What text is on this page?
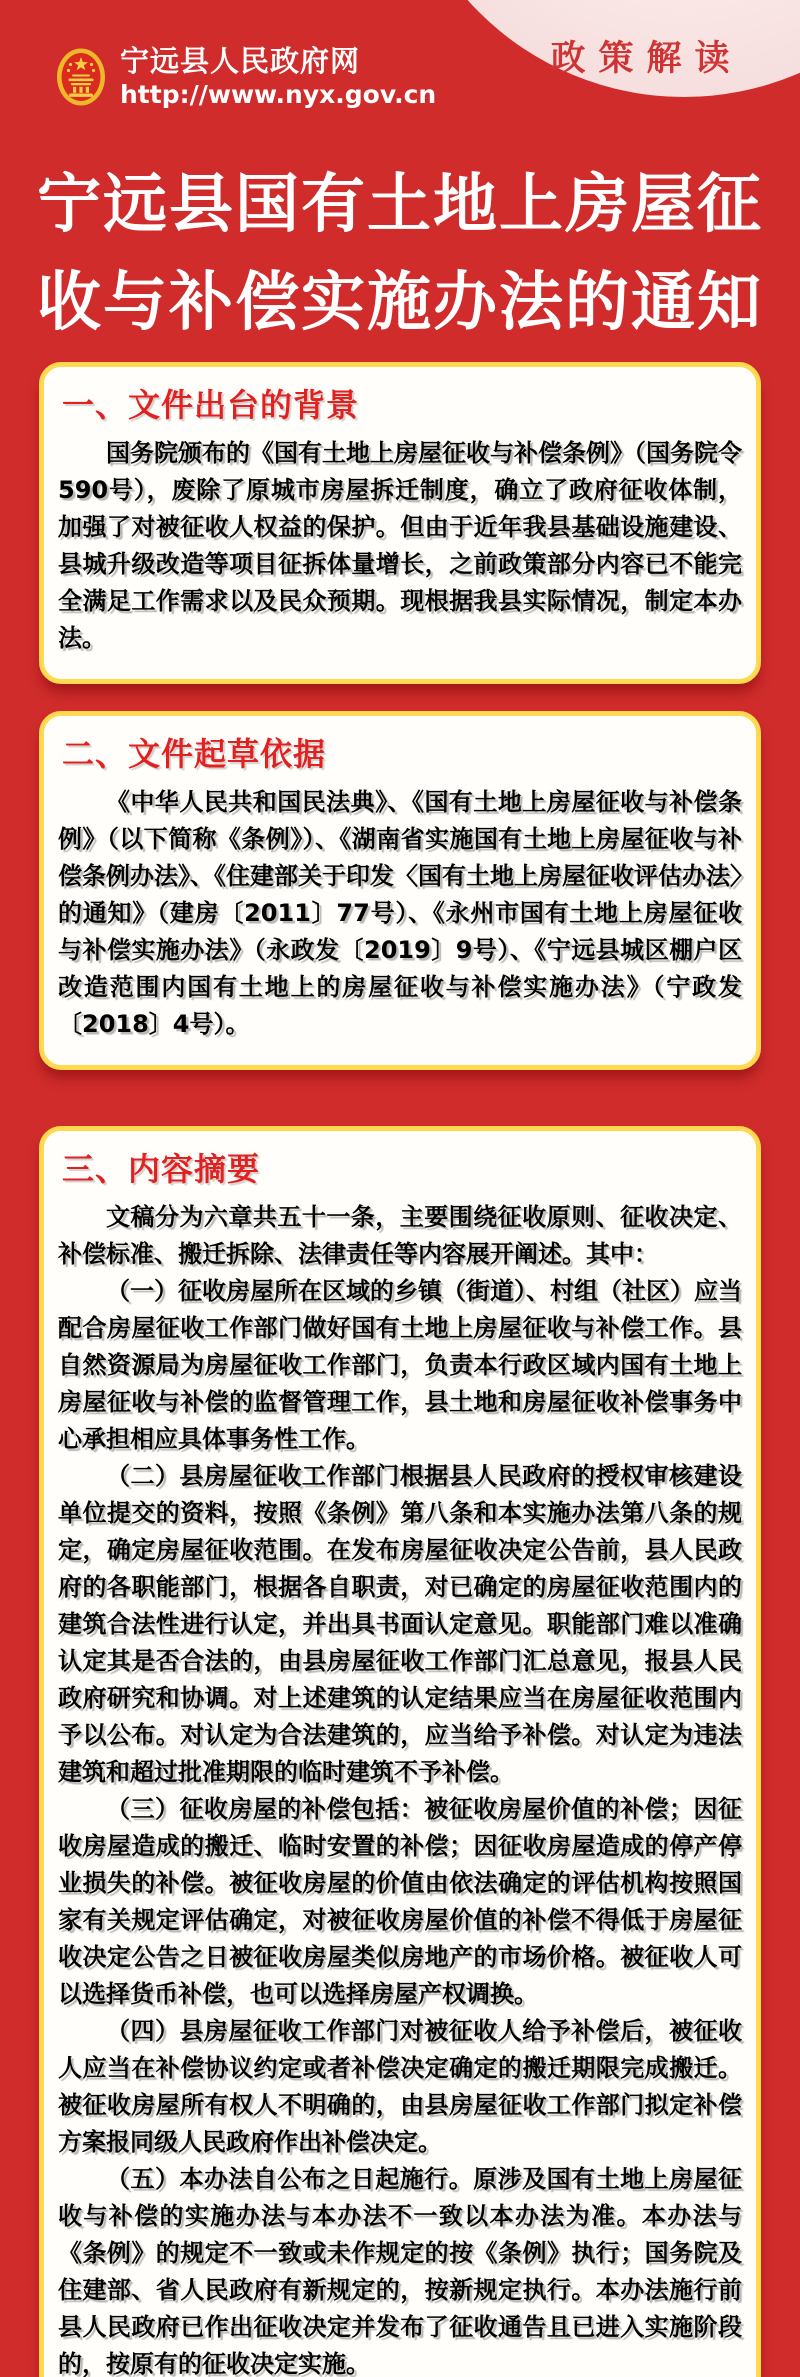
政策解读
宁远县人民政府网
http://www.nyx.gov.cn
宁远县国有土地上房屋征
收与补偿实施办法的通知
一、文件出台的背景

国务院颁布的《国有土地上房屋征收与补偿条例》（国务院令590号），废除了原城市房屋拆迁制度，确立了政府征收体制，加强了对被征收人权益的保护。但由于近年我县基础设施建设、县城升级改造等项目征拆体量增长，之前政策部分内容已不能完全满足工作需求以及民众预期。现根据我县实际情况，制定本办法。

二、文件起草依据

《中华人民共和国民法典》、《国有土地上房屋征收与补偿条例》（以下简称《条例》）、《湖南省实施国有土地上房屋征收与补偿条例办法》、《住建部关于印发〈国有土地上房屋征收评估办法〉的通知》（建房〔2011〕77号）、《永州市国有土地上房屋征收与补偿实施办法》（永政发〔2019〕9号）、《宁远县城区棚户区改造范围内国有土地上的房屋征收与补偿实施办法》（宁政发〔2018〕4号）。

三、内容摘要

文稿分为六章共五十一条，主要围绕征收原则、征收决定、补偿标准、搬迁拆除、法律责任等内容展开阐述。其中：

（一）征收房屋所在区域的乡镇（街道）、村组（社区）应当配合房屋征收工作部门做好国有土地上房屋征收与补偿工作。县自然资源局为房屋征收工作部门，负责本行政区域内国有土地上房屋征收与补偿的监督管理工作，县土地和房屋征收补偿事务中心承担相应具体事务性工作。

（二）县房屋征收工作部门根据县人民政府的授权审核建设单位提交的资料，按照《条例》第八条和本实施办法第八条的规定，确定房屋征收范围。在发布房屋征收决定公告前，县人民政府的各职能部门，根据各自职责，对已确定的房屋征收范围内的建筑合法性进行认定，并出具书面认定意见。职能部门难以准确认定其是否合法的，由县房屋征收工作部门汇总意见，报县人民政府研究和协调。对上述建筑的认定结果应当在房屋征收范围内予以公布。对认定为合法建筑的，应当给予补偿。对认定为违法建筑和超过批准期限的临时建筑不予补偿。

（三）征收房屋的补偿包括：被征收房屋价值的补偿；因征收房屋造成的搬迁、临时安置的补偿；因征收房屋造成的停产停业损失的补偿。被征收房屋的价值由依法确定的评估机构按照国家有关规定评估确定，对被征收房屋价值的补偿不得低于房屋征收决定公告之日被征收房屋类似房地产的市场价格。被征收人可以选择货币补偿，也可以选择房屋产权调换。

（四）县房屋征收工作部门对被征收人给予补偿后，被征收人应当在补偿协议约定或者补偿决定确定的搬迁期限完成搬迁。被征收房屋所有权人不明确的，由县房屋征收工作部门拟定补偿方案报同级人民政府作出补偿决定。

（五）本办法自公布之日起施行。原涉及国有土地上房屋征收与补偿的实施办法与本办法不一致以本办法为准。本办法与《条例》的规定不一致或未作规定的按《条例》执行；国务院及住建部、省人民政府有新规定的，按新规定执行。本办法施行前县人民政府已作出征收决定并发布了征收通告且已进入实施阶段的，按原有的征收决定实施。
